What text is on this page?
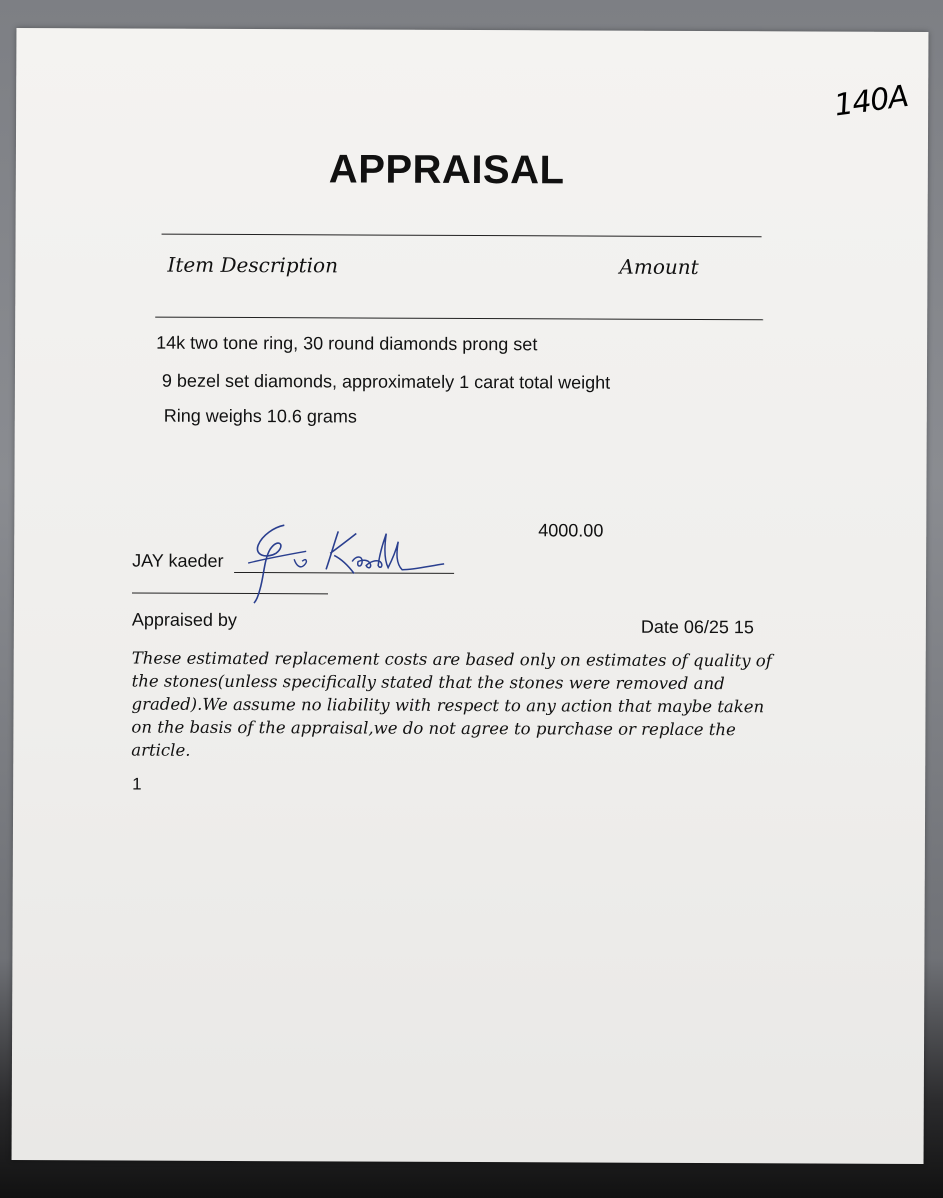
140A

APPRAISAL

Item Description	Amount

14k two tone ring, 30 round diamonds prong set

9 bezel set diamonds, approximately 1 carat total weight

Ring weighs 10.6 grams

4000.00

JAY kaeder

Appraised by	Date 06/25 15

These estimated replacement costs are based only on estimates of quality of the stones(unless specifically stated that the stones were removed and graded).We assume no liability with respect to any action that maybe taken on the basis of the appraisal,we do not agree to purchase or replace the article.

1
